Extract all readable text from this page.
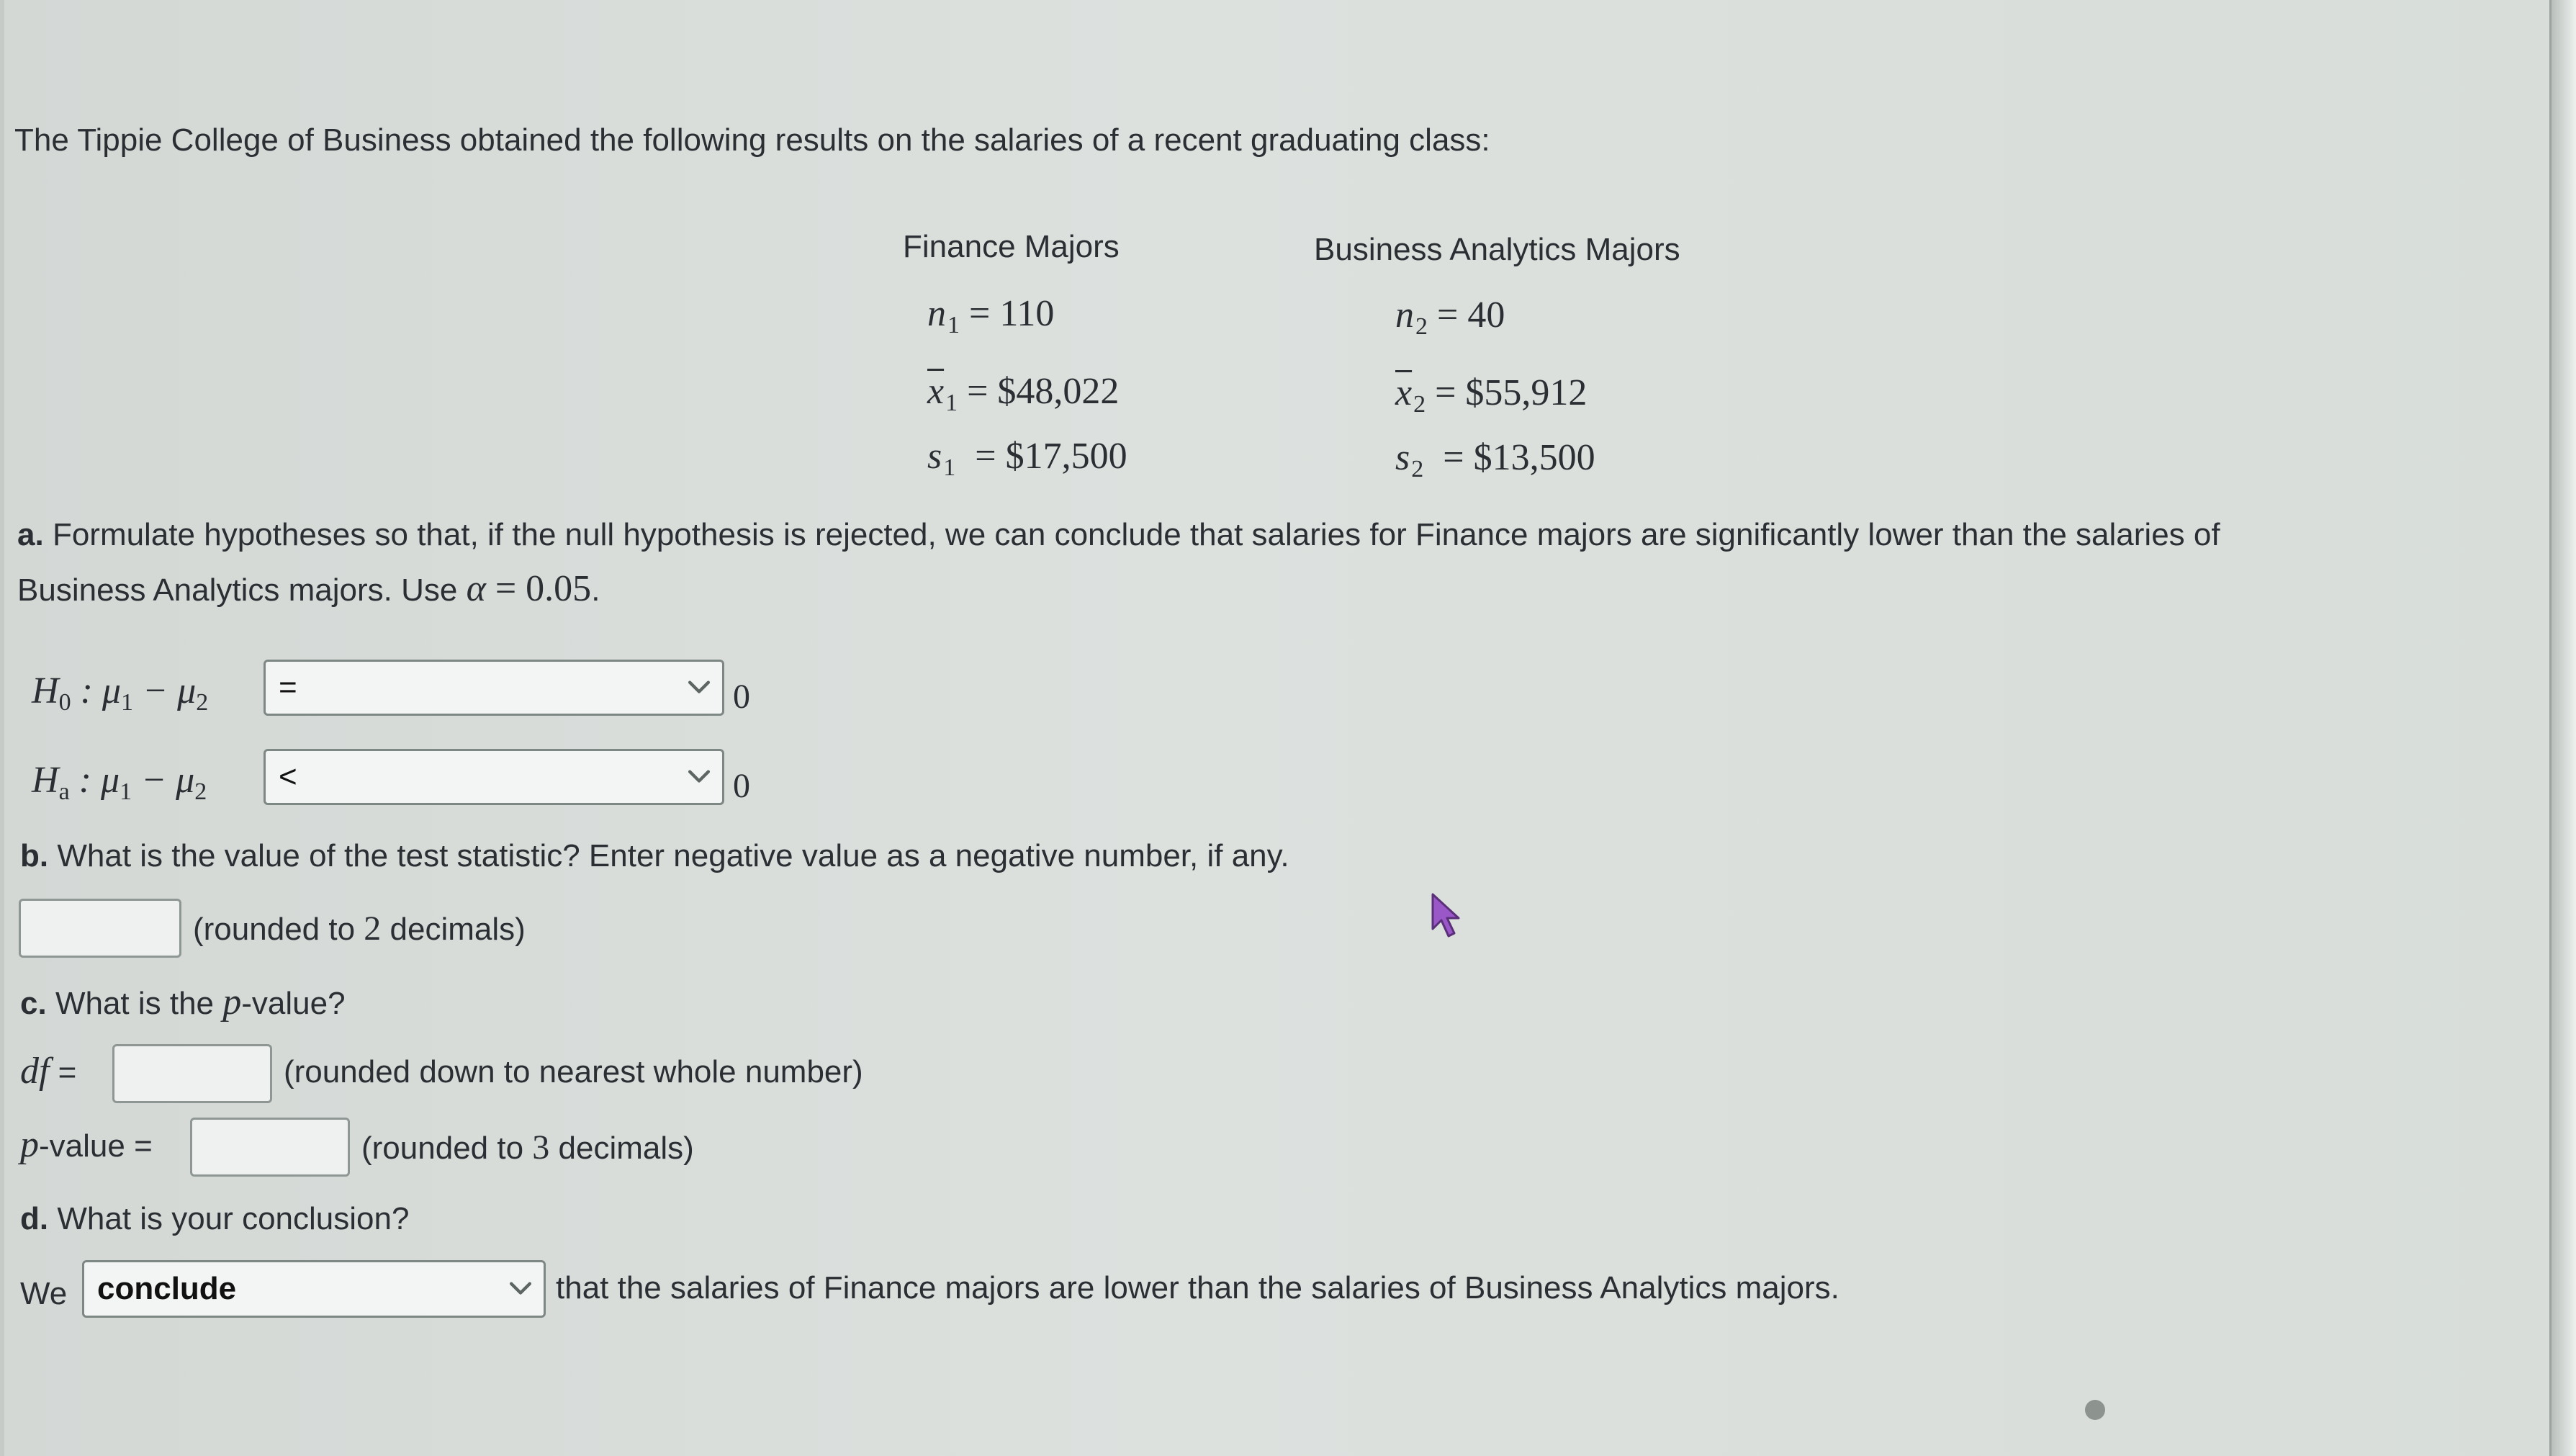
The Tippie College of Business obtained the following results on the salaries of a recent graduating class:
Finance Majors	Business Analytics Majors
n1 = 110	n2 = 40
$\overline{x}1$ = $48,022	$\overline{x}2$ = $55,912
s1 = $17,500	s2 = $13,500
a. Formulate hypotheses so that, if the null hypothesis is rejected, we can conclude that salaries for Finance majors are significantly lower than the salaries of
Business Analytics majors. Use α = 0.05.
H0 : μ1 − μ2 =	0
Ha : μ1 − μ2 <	0
b. What is the value of the test statistic? Enter negative value as a negative number, if any.
(rounded to 2 decimals)
c. What is the p-value?
df =	(rounded down to nearest whole number)
p-value =	(rounded to 3 decimals)
d. What is your conclusion?
We conclude	that the salaries of Finance majors are lower than the salaries of Business Analytics majors.
